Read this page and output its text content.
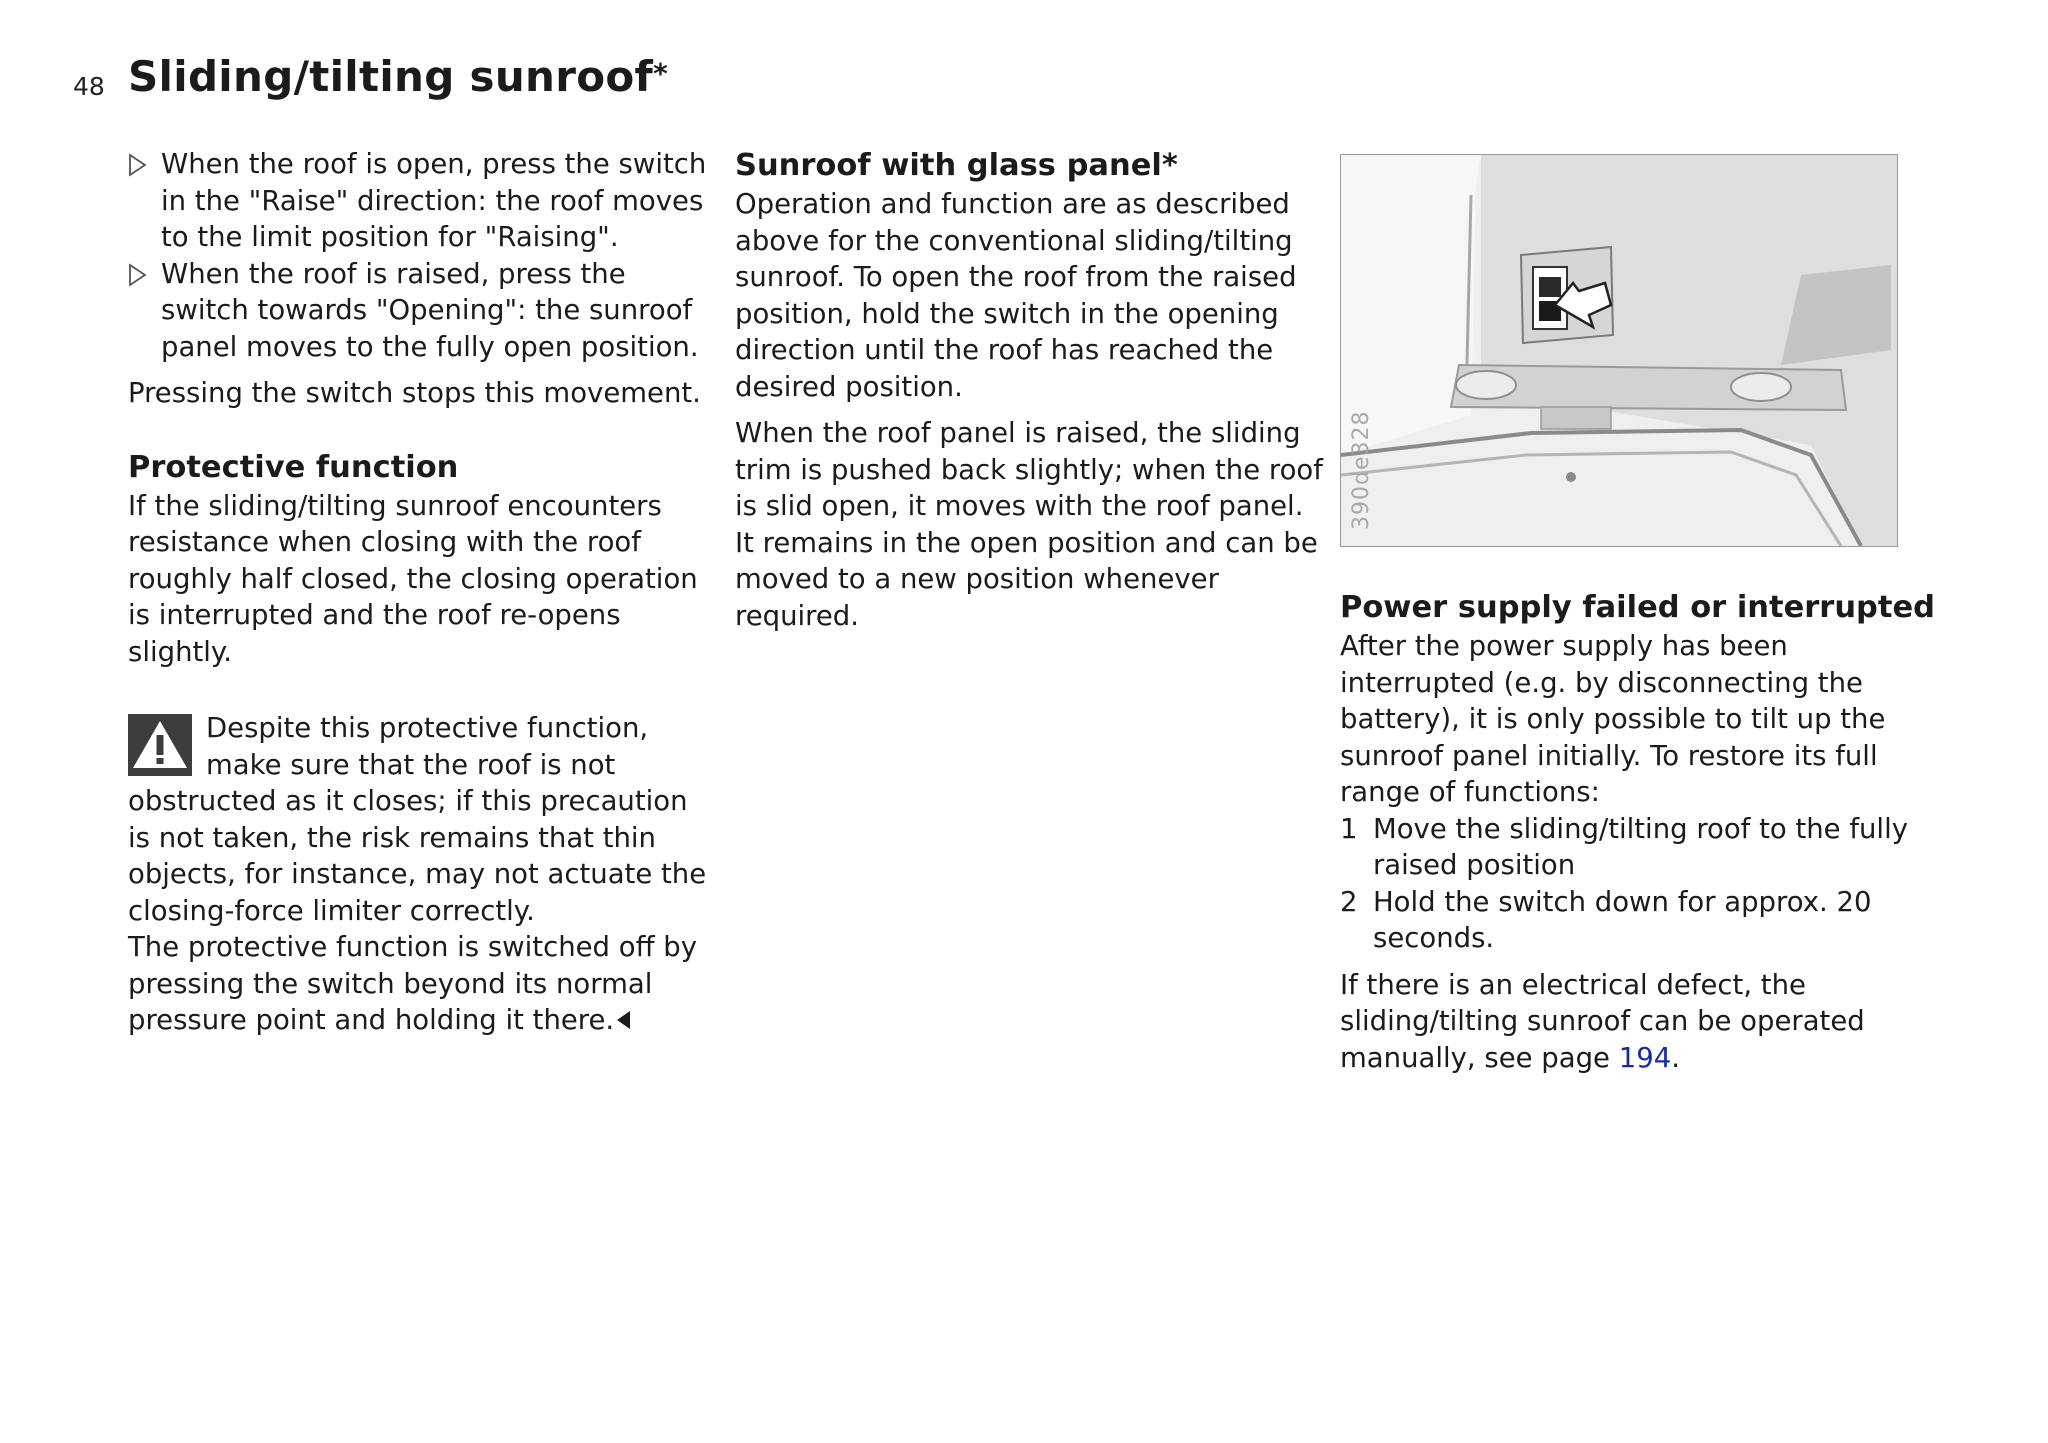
48 Sliding/tilting sunroof*
When the roof is open, press the switch in the "Raise" direction: the roof moves to the limit position for "Raising".
When the roof is raised, press the switch towards "Opening": the sunroof panel moves to the fully open position.

Pressing the switch stops this movement.

Protective function

If the sliding/tilting sunroof encounters resistance when closing with the roof roughly half closed, the closing operation is interrupted and the roof re-opens slightly.

Despite this protective function, make sure that the roof is not obstructed as it closes; if this precaution is not taken, the risk remains that thin objects, for instance, may not actuate the closing-force limiter correctly.

The protective function is switched off by pressing the switch beyond its normal pressure point and holding it there.

Sunroof with glass panel*

Operation and function are as described above for the conventional sliding/tilting sunroof. To open the roof from the raised position, hold the switch in the opening direction until the roof has reached the desired position.

When the roof panel is raised, the sliding trim is pushed back slightly; when the roof is slid open, it moves with the roof panel. It remains in the open position and can be moved to a new position whenever required.

390de328
Power supply failed or interrupted

After the power supply has been interrupted (e.g. by disconnecting the battery), it is only possible to tilt up the sunroof panel initially. To restore its full range of functions:

1 Move the sliding/tilting roof to the fully raised position
2 Hold the switch down for approx. 20 seconds.

If there is an electrical defect, the sliding/tilting sunroof can be operated manually, see page 194.
